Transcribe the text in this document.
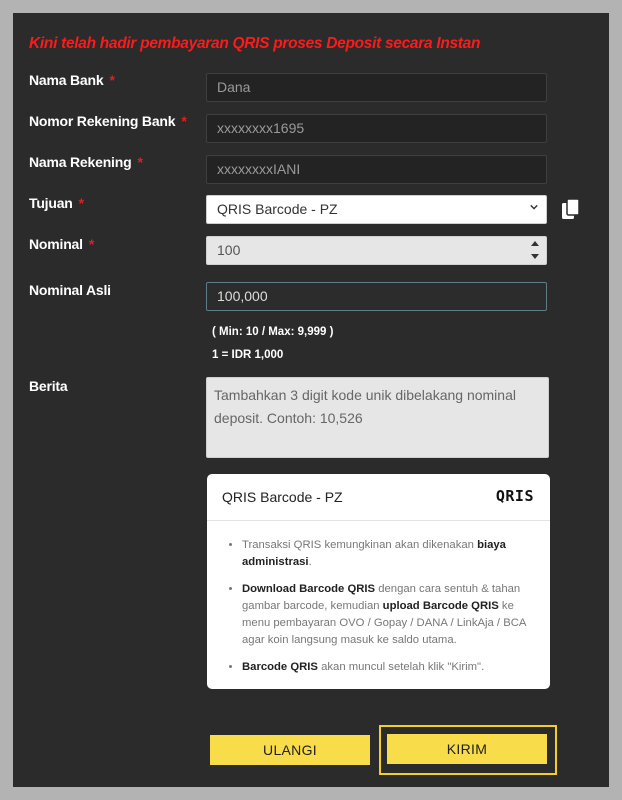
Kini telah hadir pembayaran QRIS proses Deposit secara Instan
Nama Bank *	Dana
Nomor Rekening Bank *	xxxxxxxx1695
Nama Rekening *	xxxxxxxxIANI
Tujuan *	QRIS Barcode - PZ
Nominal *	100
Nominal Asli	100,000
( Min: 10 / Max: 9,999 )
1 = IDR 1,000
Berita
Tambahkan 3 digit kode unik dibelakang nominal deposit. Contoh: 10,526
QRIS Barcode - PZ	QRIS
• Transaksi QRIS kemungkinan akan dikenakan biaya administrasi.
• Download Barcode QRIS dengan cara sentuh & tahan gambar barcode, kemudian upload Barcode QRIS ke menu pembayaran OVO / Gopay / DANA / LinkAja / BCA agar koin langsung masuk ke saldo utama.
• Barcode QRIS akan muncul setelah klik "Kirim".
ULANGI	KIRIM
